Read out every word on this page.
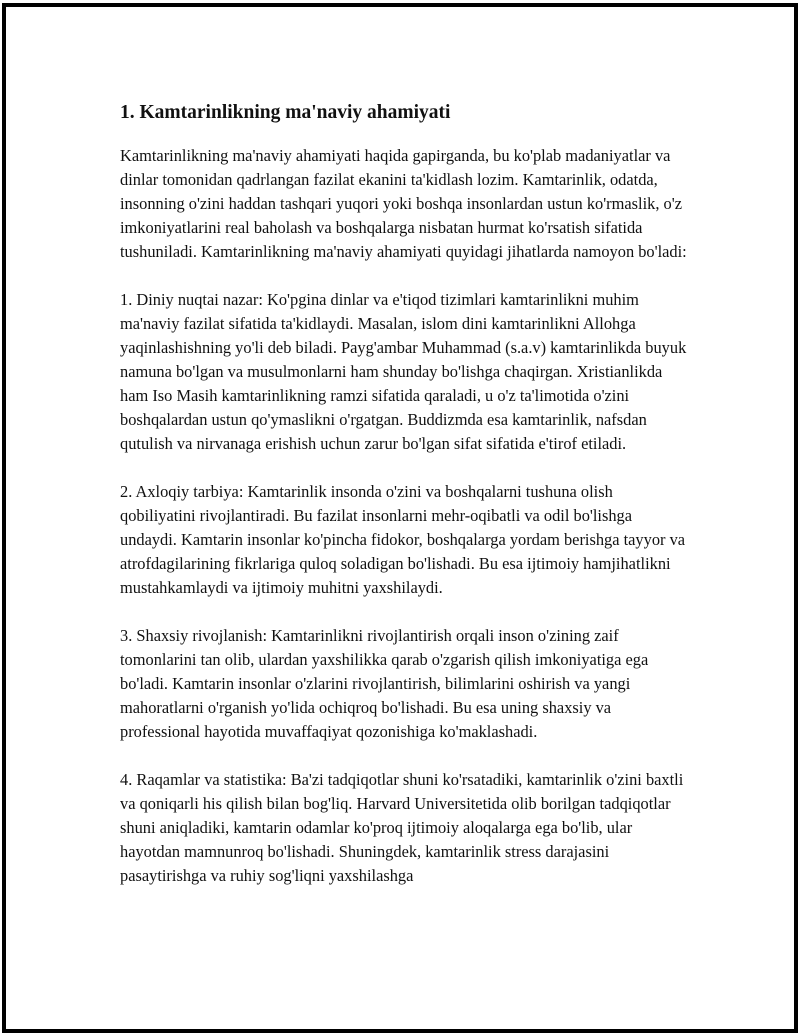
1. Kamtarinlikning ma'naviy ahamiyati

Kamtarinlikning ma'naviy ahamiyati haqida gapirganda, bu ko'plab madaniyatlar va dinlar tomonidan qadrlangan fazilat ekanini ta'kidlash lozim. Kamtarinlik, odatda, insonning o'zini haddan tashqari yuqori yoki boshqa insonlardan ustun ko'rmaslik, o'z imkoniyatlarini real baholash va boshqalarga nisbatan hurmat ko'rsatish sifatida tushuniladi. Kamtarinlikning ma'naviy ahamiyati quyidagi jihatlarda namoyon bo'ladi:

1. Diniy nuqtai nazar: Ko'pgina dinlar va e'tiqod tizimlari kamtarinlikni muhim ma'naviy fazilat sifatida ta'kidlaydi. Masalan, islom dini kamtarinlikni Allohga yaqinlashishning yo'li deb biladi. Payg'ambar Muhammad (s.a.v) kamtarinlikda buyuk namuna bo'lgan va musulmonlarni ham shunday bo'lishga chaqirgan. Xristianlikda ham Iso Masih kamtarinlikning ramzi sifatida qaraladi, u o'z ta'limotida o'zini boshqalardan ustun qo'ymaslikni o'rgatgan. Buddizmda esa kamtarinlik, nafsdan qutulish va nirvanaga erishish uchun zarur bo'lgan sifat sifatida e'tirof etiladi.

2. Axloqiy tarbiya: Kamtarinlik insonda o'zini va boshqalarni tushuna olish qobiliyatini rivojlantiradi. Bu fazilat insonlarni mehr-oqibatli va odil bo'lishga undaydi. Kamtarin insonlar ko'pincha fidokor, boshqalarga yordam berishga tayyor va atrofdagilarining fikrlariga quloq soladigan bo'lishadi. Bu esa ijtimoiy hamjihatlikni mustahkamlaydi va ijtimoiy muhitni yaxshilaydi.

3. Shaxsiy rivojlanish: Kamtarinlikni rivojlantirish orqali inson o'zining zaif tomonlarini tan olib, ulardan yaxshilikka qarab o'zgarish qilish imkoniyatiga ega bo'ladi. Kamtarin insonlar o'zlarini rivojlantirish, bilimlarini oshirish va yangi mahoratlarni o'rganish yo'lida ochiqroq bo'lishadi. Bu esa uning shaxsiy va professional hayotida muvaffaqiyat qozonishiga ko'maklashadi.

4. Raqamlar va statistika: Ba'zi tadqiqotlar shuni ko'rsatadiki, kamtarinlik o'zini baxtli va qoniqarli his qilish bilan bog'liq. Harvard Universitetida olib borilgan tadqiqotlar shuni aniqladiki, kamtarin odamlar ko'proq ijtimoiy aloqalarga ega bo'lib, ular hayotdan mamnunroq bo'lishadi. Shuningdek, kamtarinlik stress darajasini pasaytirishga va ruhiy sog'liqni yaxshilashga
